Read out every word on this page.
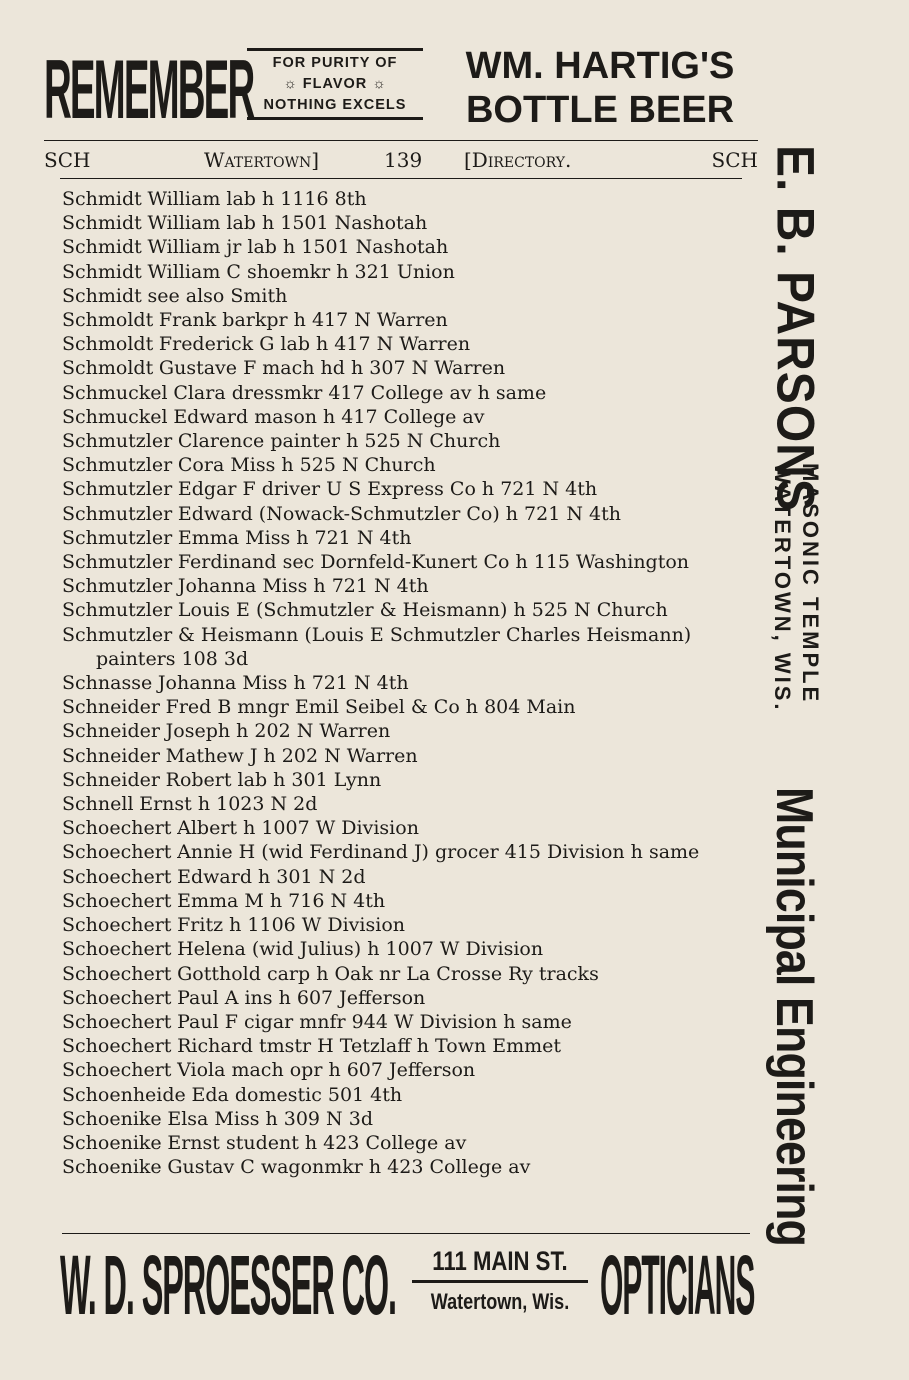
REMEMBER	FOR PURITY OF
☼ FLAVOR ☼
NOTHING EXCELS
WM. HARTIG'S
BOTTLE BEER
SCH	Watertown]	139 [Directory.	SCH
Schmidt William lab h 1116 8th
Schmidt William lab h 1501 Nashotah
Schmidt William jr lab h 1501 Nashotah
Schmidt William C shoemkr h 321 Union
Schmidt see also Smith
Schmoldt Frank barkpr h 417 N Warren
Schmoldt Frederick G lab h 417 N Warren
Schmoldt Gustave F mach hd h 307 N Warren
Schmuckel Clara dressmkr 417 College av h same
Schmuckel Edward mason h 417 College av
Schmutzler Clarence painter h 525 N Church
Schmutzler Cora Miss h 525 N Church
Schmutzler Edgar F driver U S Express Co h 721 N 4th
Schmutzler Edward (Nowack-Schmutzler Co) h 721 N 4th
Schmutzler Emma Miss h 721 N 4th
Schmutzler Ferdinand sec Dornfeld-Kunert Co h 115 Washington
Schmutzler Johanna Miss h 721 N 4th
Schmutzler Louis E (Schmutzler & Heismann) h 525 N Church
Schmutzler & Heismann (Louis E Schmutzler Charles Heismann) painters 108 3d
Schnasse Johanna Miss h 721 N 4th
Schneider Fred B mngr Emil Seibel & Co h 804 Main
Schneider Joseph h 202 N Warren
Schneider Mathew J h 202 N Warren
Schneider Robert lab h 301 Lynn
Schnell Ernst h 1023 N 2d
Schoechert Albert h 1007 W Division
Schoechert Annie H (wid Ferdinand J) grocer 415 Division h same
Schoechert Edward h 301 N 2d
Schoechert Emma M h 716 N 4th
Schoechert Fritz h 1106 W Division
Schoechert Helena (wid Julius) h 1007 W Division
Schoechert Gotthold carp h Oak nr La Crosse Ry tracks
Schoechert Paul A ins h 607 Jefferson
Schoechert Paul F cigar mnfr 944 W Division h same
Schoechert Richard tmstr H Tetzlaff h Town Emmet
Schoechert Viola mach opr h 607 Jefferson
Schoenheide Eda domestic 501 4th
Schoenike Elsa Miss h 309 N 3d
Schoenike Ernst student h 423 College av
Schoenike Gustav C wagonmkr h 423 College av
E. B. PARSONS
MASONIC TEMPLE
WATERTOWN, WIS.
Municipal Engineering
W. D. SPROESSER CO. 111 MAIN ST.
Watertown, Wis. OPTICIANS
